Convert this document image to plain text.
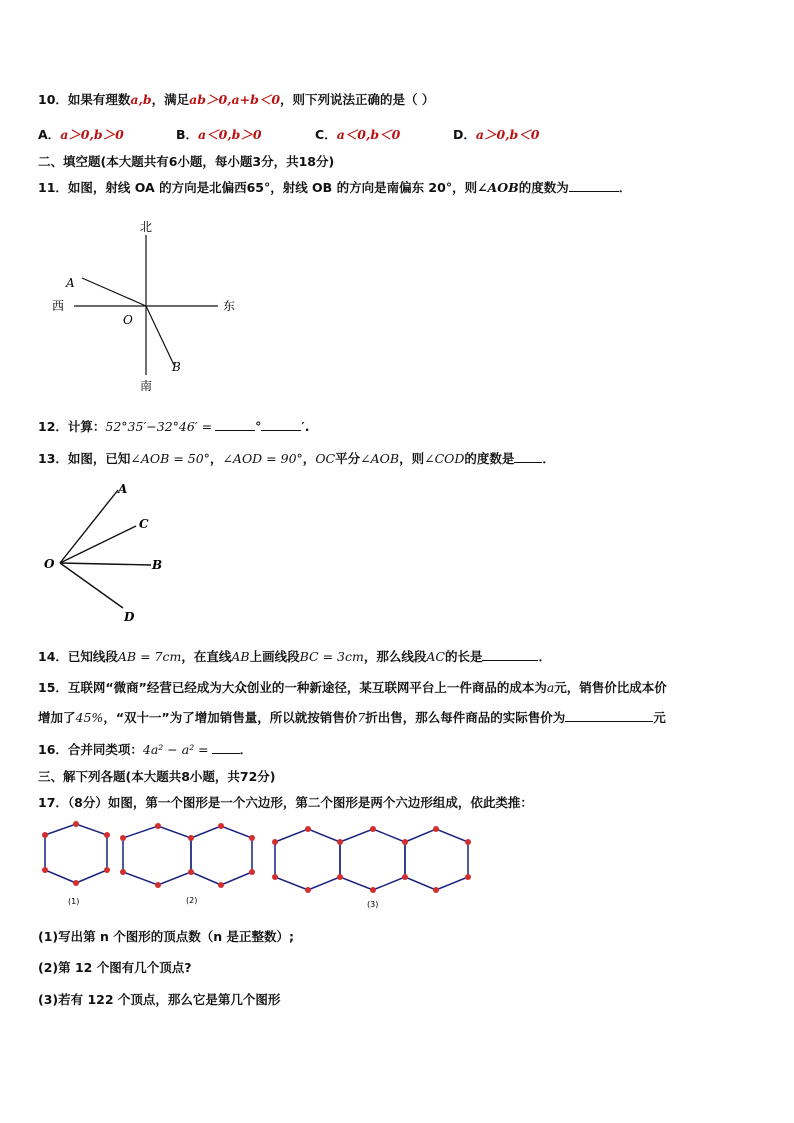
10．如果有理数a,b，满足ab＞0,a+b＜0，则下列说法正确的是（ ）
A．a＞0,b＞0	B．a＜0,b＞0	C．a＜0,b＜0	D．a＞0,b＜0
二、填空题(本大题共有6小题，每小题3分，共18分)
11．如图，射线 OA 的方向是北偏西65°，射线 OB 的方向是南偏东 20°，则∠AOB的度数为	．
北
南
西	东
A
B
O
12．计算：52°35′−32°46′ =	°	′.
13．如图，已知∠AOB = 50°，∠AOD = 90°，OC平分∠AOB，则∠COD的度数是 ．
O
A
C
B
D
14．已知线段AB = 7cm，在直线AB上画线段BC = 3cm，那么线段AC的长是	．
15．互联网“微商”经营已经成为大众创业的一种新途径，某互联网平台上一件商品的成本为a元，销售价比成本价
增加了45%，“双十一”为了增加销售量，所以就按销售价7折出售，那么每件商品的实际售价为	元
16．合并同类项：4a² − a² = ．
三、解下列各题(本大题共8小题，共72分)
17．（8分）如图，第一个图形是一个六边形，第二个图形是两个六边形组成，依此类推：
(1)	(2)	(3)
(1)写出第 n 个图形的顶点数（n 是正整数）;
(2)第 12 个图有几个顶点?
(3)若有 122 个顶点，那么它是第几个图形
